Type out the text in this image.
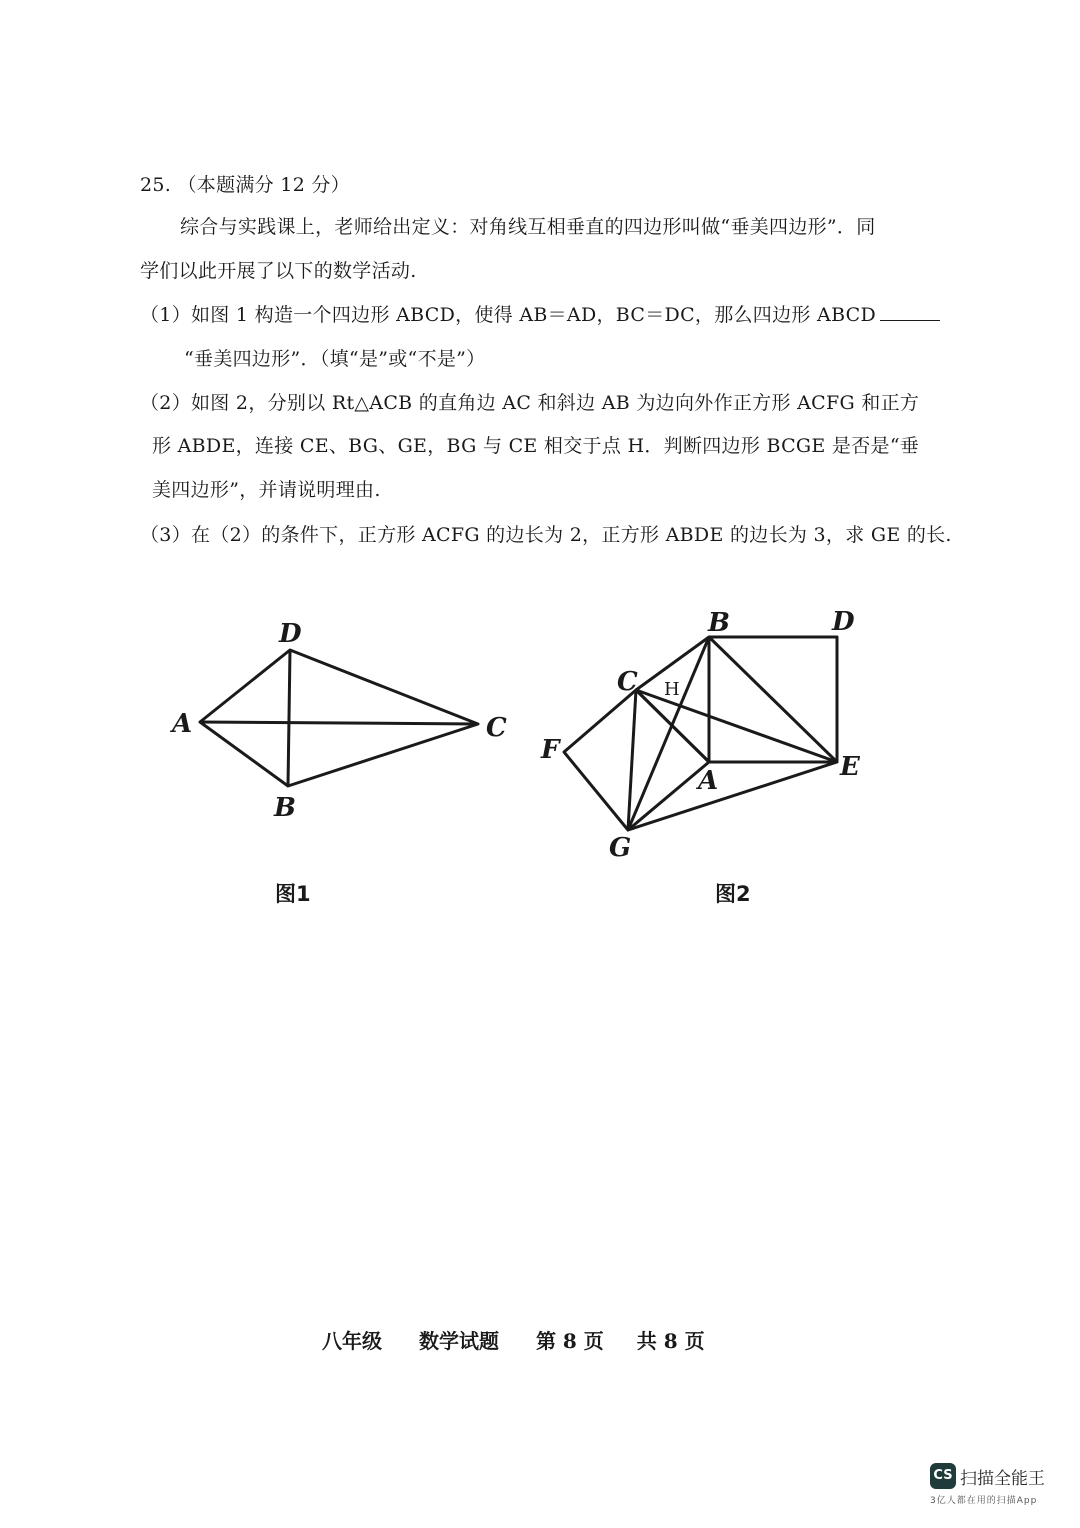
25. （本题满分 12 分）
综合与实践课上，老师给出定义：对角线互相垂直的四边形叫做“垂美四边形”．同
学们以此开展了以下的数学活动.
（1）如图 1 构造一个四边形 ABCD，使得 AB＝AD，BC＝DC，那么四边形 ABCD
“垂美四边形”．（填“是”或“不是”）
（2）如图 2，分别以 Rt△ACB 的直角边 AC 和斜边 AB 为边向外作正方形 ACFG 和正方
形 ABDE，连接 CE、BG、GE，BG 与 CE 相交于点 H．判断四边形 BCGE 是否是“垂
美四边形”，并请说明理由.
（3）在（2）的条件下，正方形 ACFG 的边长为 2，正方形 ABDE 的边长为 3，求 GE 的长.
D
A	C
B
图1
B	D
C H
F
A	E
G
图2
八年级 数学试题 第 8 页 共 8 页
CS 扫描全能王
3亿人都在用的扫描App
